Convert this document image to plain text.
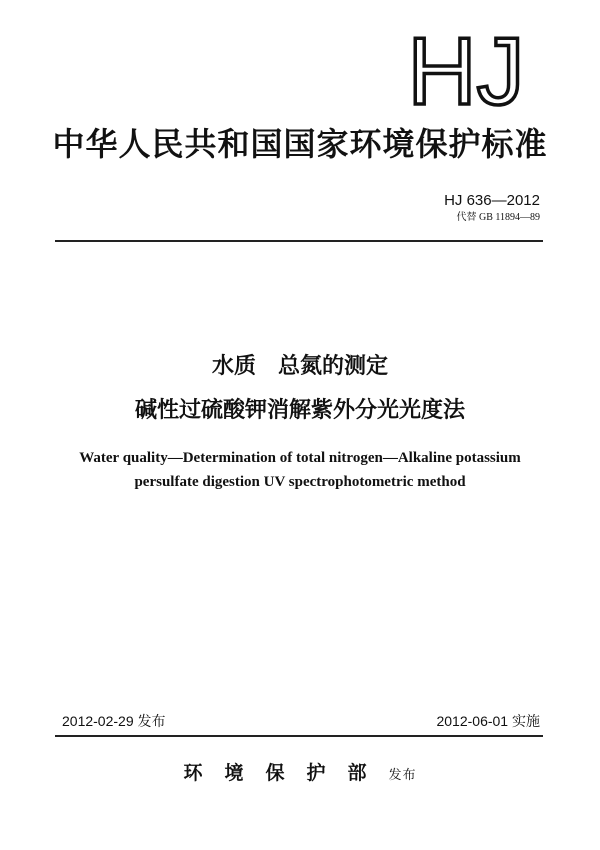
HJ
中华人民共和国国家环境保护标准
HJ 636—2012
代替 GB 11894—89
水质　总氮的测定
碱性过硫酸钾消解紫外分光光度法
Water quality—Determination of total nitrogen—Alkaline potassium
persulfate digestion UV spectrophotometric method
2012-02-29 发布	2012-06-01 实施
环境保护部发布
